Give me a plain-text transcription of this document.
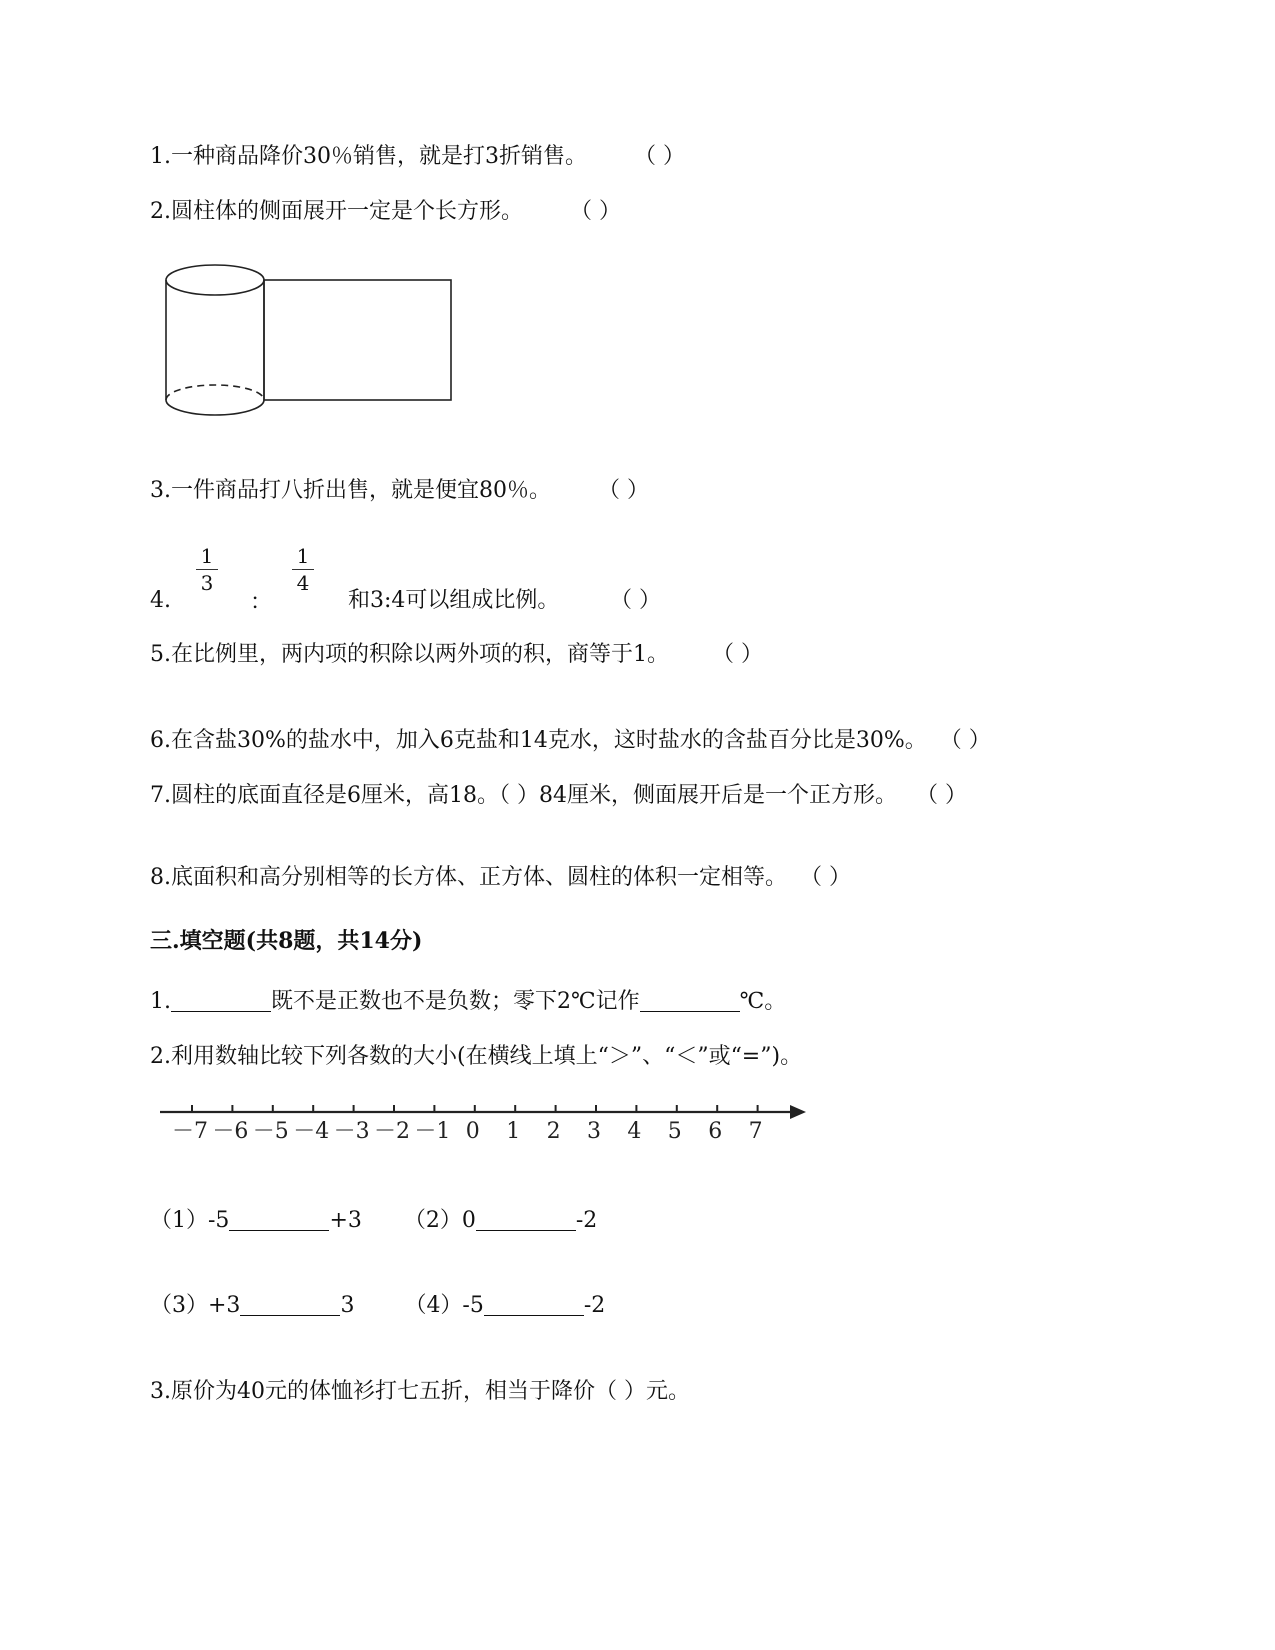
1.一种商品降价30％销售，就是打3折销售。 （ ）
2.圆柱体的侧面展开一定是个长方形。 （ ）
3.一件商品打八折出售，就是便宜80％。 （ ）
4.
1
3
：
1
4
和3:4可以组成比例。 （ ）
5.在比例里，两内项的积除以两外项的积，商等于1。 （ ）
6.在含盐30%的盐水中，加入6克盐和14克水，这时盐水的含盐百分比是30%。 （ ）
7.圆柱的底面直径是6厘米，高18。（ ）84厘米，侧面展开后是一个正方形。 （ ）
8.底面积和高分别相等的长方体、正方体、圆柱的体积一定相等。 （ ）
三.填空题(共8题，共14分)
1.	既不是正数也不是负数；零下2℃记作	℃。
2.利用数轴比较下列各数的大小(在横线上填上“＞”、“＜”或“=”)。
－7 －6 －5 －4 －3 －2 －1 0 1 2 3 4 5 6 7
（1）-5	+3 （2）0	-2
（3）+3	3 （4）-5	-2
3.原价为40元的体恤衫打七五折，相当于降价（ ）元。
